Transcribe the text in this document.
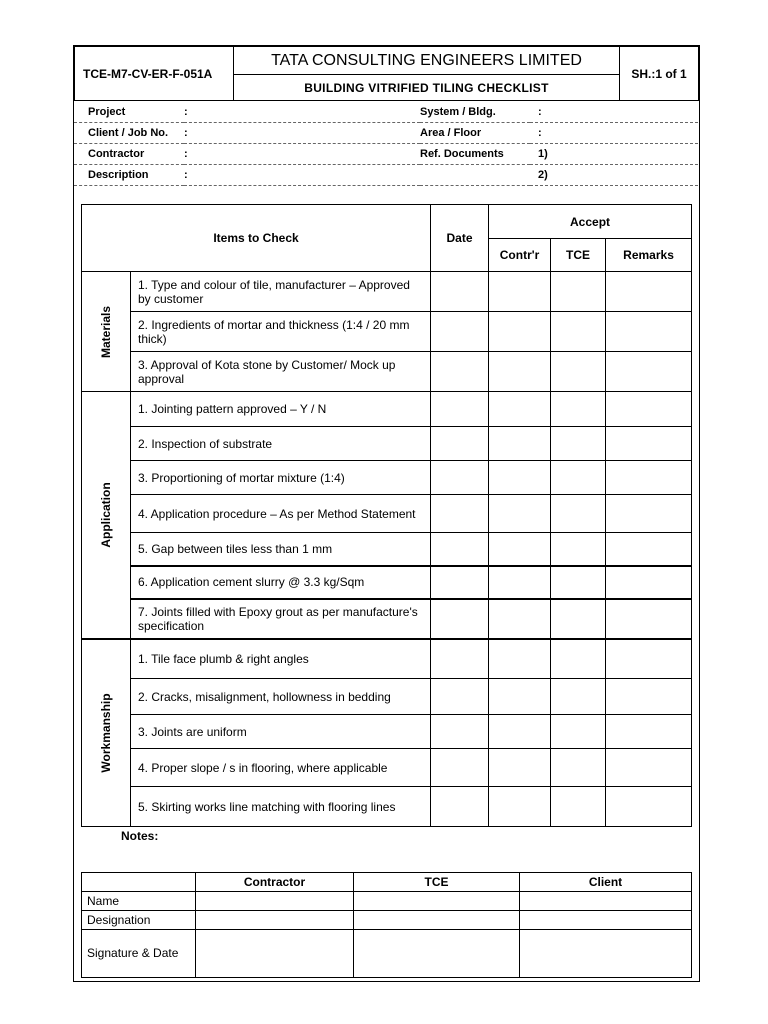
TCE-M7-CV-ER-F-051A	TATA CONSULTING ENGINEERS LIMITED	SH.:1 of 1
BUILDING VITRIFIED TILING CHECKLIST
Project	:	System / Bldg.	:
Client / Job No.	:	Area / Floor	:
Contractor	:	Ref. Documents	1)
Description	:		2)
Items to Check		Date	Accept		
			Contr'r	TCE	Remarks

Materials	1. Type and colour of tile, manufacturer – Approved by customer				
	2. Ingredients of mortar and thickness (1:4 / 20 mm thick)				
	3. Approval of Kota stone by Customer/ Mock up approval				

Application	1. Jointing pattern approved – Y / N				
	2. Inspection of substrate				
	3. Proportioning of mortar mixture (1:4)				
	4. Application procedure – As per Method Statement				
	5. Gap between tiles less than 1 mm				
	6. Application cement slurry @ 3.3 kg/Sqm				
	7. Joints filled with Epoxy grout as per manufacture's specification				

Workmanship	1. Tile face plumb & right angles				
	2. Cracks, misalignment, hollowness in bedding				
	3. Joints are uniform				
	4. Proper slope / s in flooring, where applicable				
	5. Skirting works line matching with flooring lines				
Notes:
	Contractor	TCE	Client
Name			
Designation			
Signature & Date			
